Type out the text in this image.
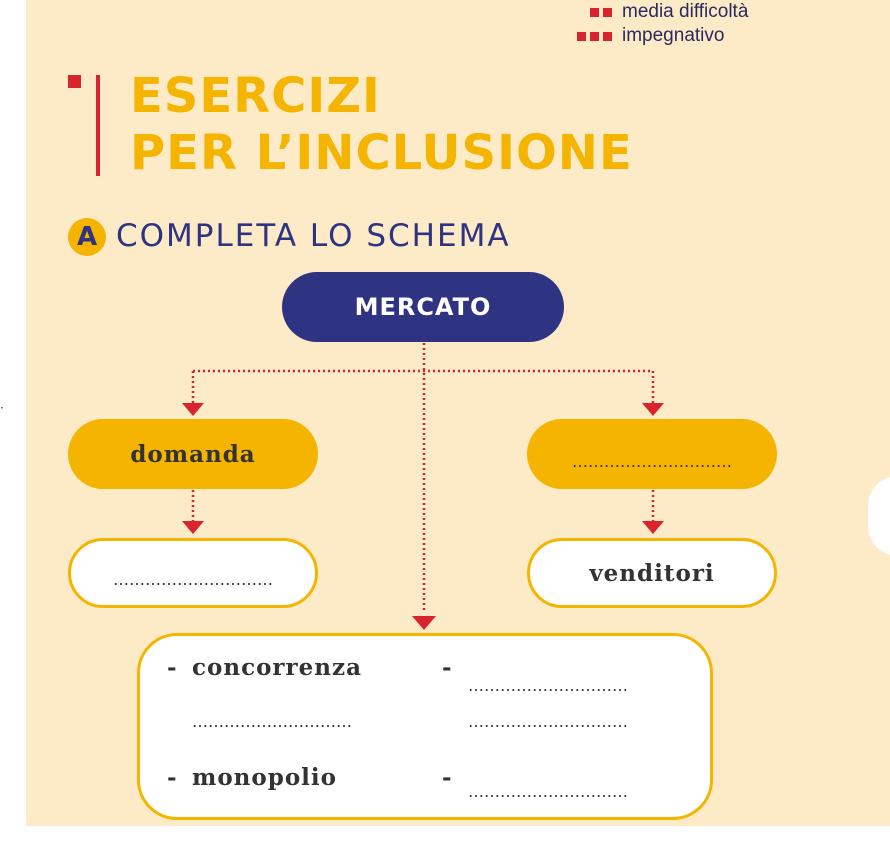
·
media difficoltà
impegnativo
ESERCIZI
PER L’INCLUSIONE
A COMPLETA LO SCHEMA
MERCATO
domanda	…………………………
…………………………	venditori
- concorrenza
…………………………
- monopolio
-
…………………………
…………………………
-
…………………………
